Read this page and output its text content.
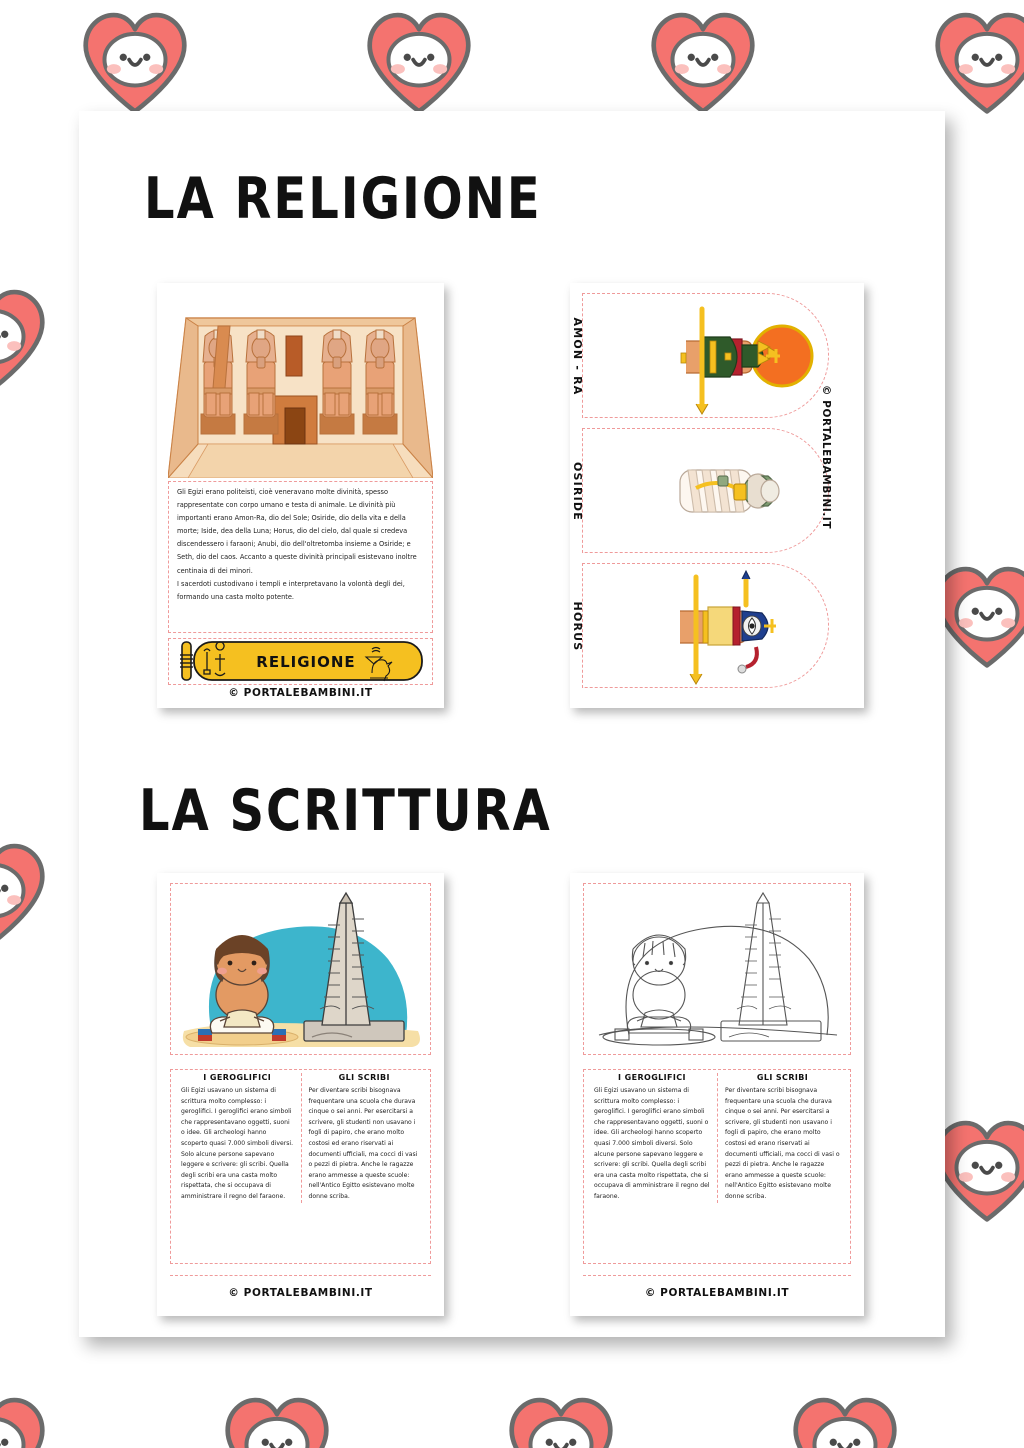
LA RELIGIONE
Gli Egizi erano politeisti, cioè veneravano molte divinità, spesso rappresentate con corpo umano e testa di animale. Le divinità più importanti erano Amon-Ra, dio del Sole; Osiride, dio della vita e della morte; Iside, dea della Luna; Horus, dio del cielo, dal quale si credeva discendessero i faraoni; Anubi, dio dell'oltretomba insieme a Osiride; e Seth, dio del caos. Accanto a queste divinità principali esistevano inoltre centinaia di dei minori.
I sacerdoti custodivano i templi e interpretavano la volontà degli dei, formando una casta molto potente.
RELIGIONE
© PORTALEBAMBINI.IT
AMON - RA
OSIRIDE
HORUS
© PORTALEBAMBINI.IT
LA SCRITTURA
I GEROGLIFICI

Gli Egizi usavano un sistema di scrittura molto complesso: i geroglifici. I geroglifici erano simboli che rappresentavano oggetti, suoni o idee. Gli archeologi hanno scoperto quasi 7.000 simboli diversi. Solo alcune persone sapevano leggere e scrivere: gli scribi. Quella degli scribi era una casta molto rispettata, che si occupava di amministrare il regno del faraone.

GLI SCRIBI

Per diventare scribi bisognava frequentare una scuola che durava cinque o sei anni. Per esercitarsi a scrivere, gli studenti non usavano i fogli di papiro, che erano molto costosi ed erano riservati ai documenti ufficiali, ma cocci di vasi o pezzi di pietra. Anche le ragazze erano ammesse a queste scuole: nell'Antico Egitto esistevano molte donne scriba.

© PORTALEBAMBINI.IT
I GEROGLIFICI

Gli Egizi usavano un sistema di scrittura molto complesso: i geroglifici. I geroglifici erano simboli che rappresentavano oggetti, suoni o idee. Gli archeologi hanno scoperto quasi 7.000 simboli diversi. Solo alcune persone sapevano leggere e scrivere: gli scribi. Quella degli scribi era una casta molto rispettata, che si occupava di amministrare il regno del faraone.

GLI SCRIBI

Per diventare scribi bisognava frequentare una scuola che durava cinque o sei anni. Per esercitarsi a scrivere, gli studenti non usavano i fogli di papiro, che erano molto costosi ed erano riservati ai documenti ufficiali, ma cocci di vasi o pezzi di pietra. Anche le ragazze erano ammesse a queste scuole: nell'Antico Egitto esistevano molte donne scriba.

© PORTALEBAMBINI.IT
